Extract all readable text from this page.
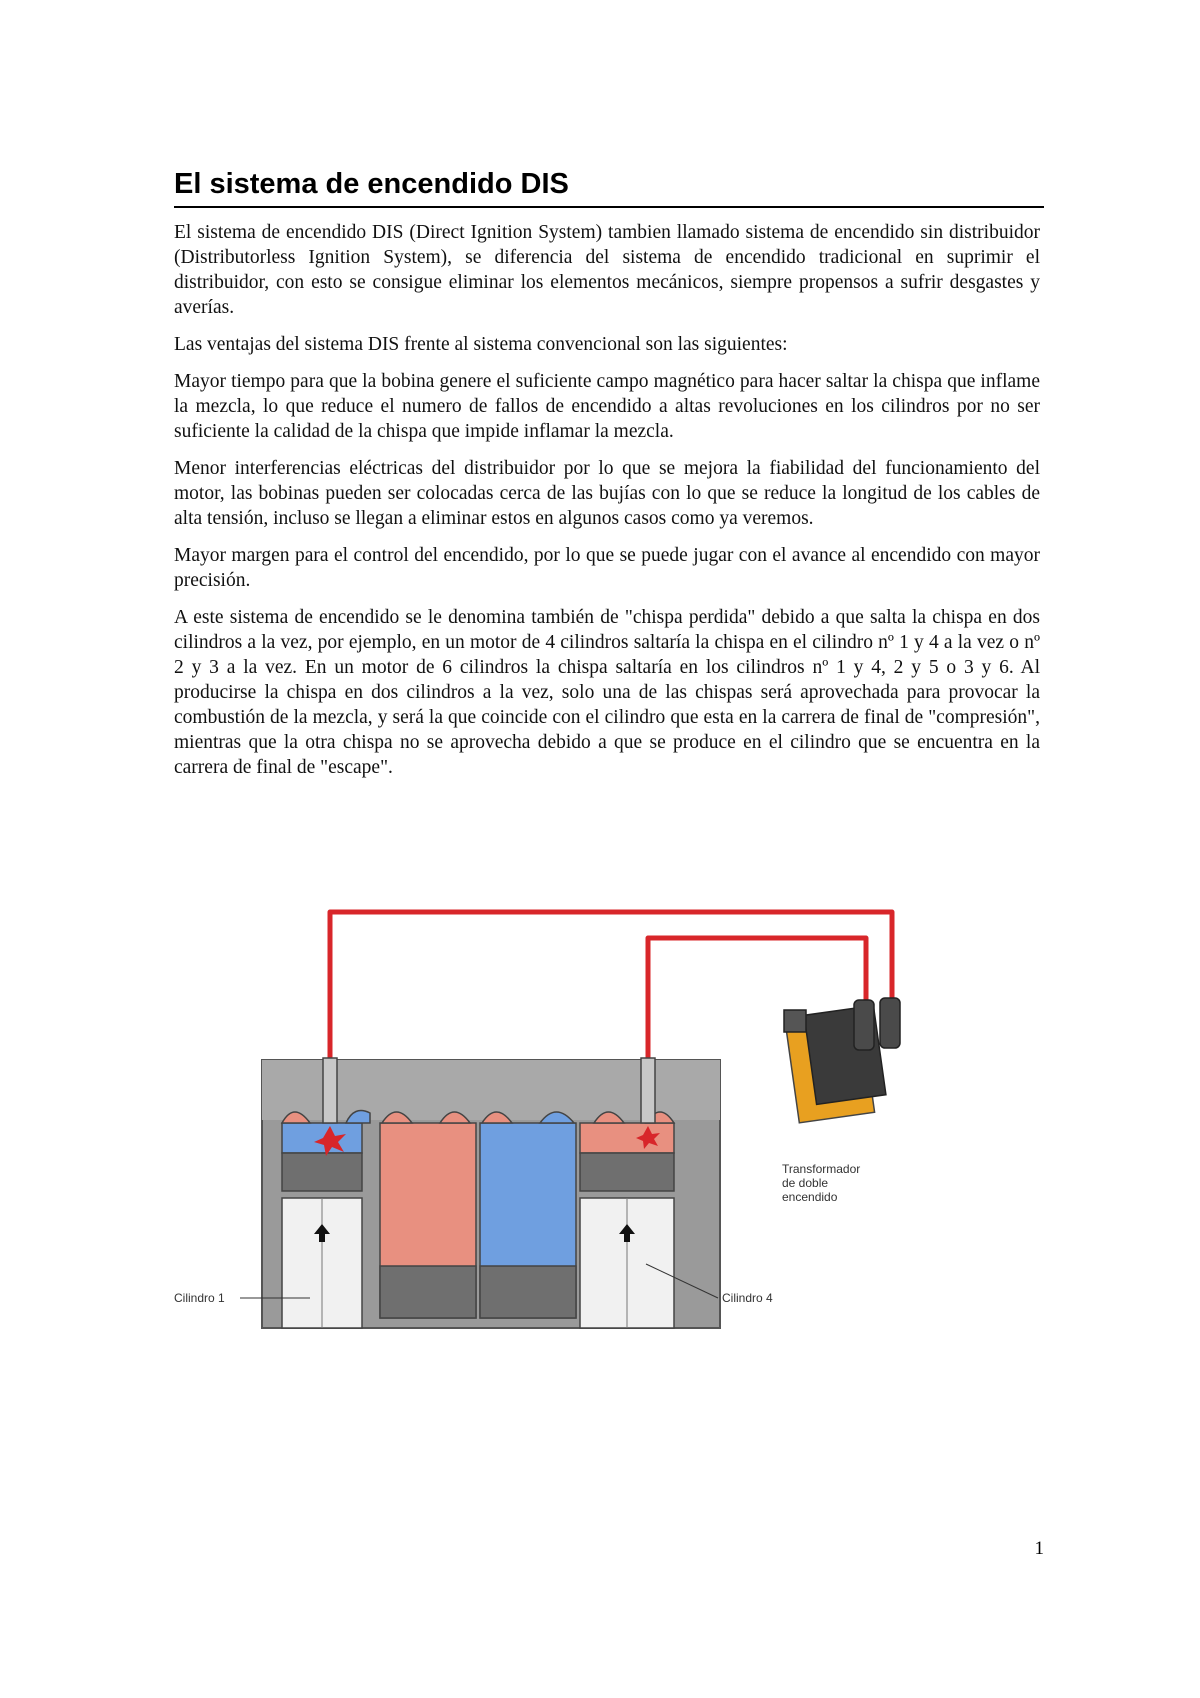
El sistema de encendido DIS

El sistema de encendido DIS (Direct Ignition System) tambien llamado sistema de encendido sin distribuidor (Distributorless Ignition System), se diferencia del sistema de encendido tradicional en suprimir el distribuidor, con esto se consigue eliminar los elementos mecánicos, siempre propensos a sufrir desgastes y averías.

Las ventajas del sistema DIS frente al sistema convencional son las siguientes:

Mayor tiempo para que la bobina genere el suficiente campo magnético para hacer saltar la chispa que inflame la mezcla, lo que reduce el numero de fallos de encendido a altas revoluciones en los cilindros por no ser suficiente la calidad de la chispa que impide inflamar la mezcla.

Menor interferencias eléctricas del distribuidor por lo que se mejora la fiabilidad del funcionamiento del motor, las bobinas pueden ser colocadas cerca de las bujías con lo que se reduce la longitud de los cables de alta tensión, incluso se llegan a eliminar estos en algunos casos como ya veremos.

Mayor margen para el control del encendido, por lo que se puede jugar con el avance al encendido con mayor precisión.

A este sistema de encendido se le denomina también de "chispa perdida" debido a que salta la chispa en dos cilindros a la vez, por ejemplo, en un motor de 4 cilindros saltaría la chispa en el cilindro nº 1 y 4 a la vez o nº 2 y 3 a la vez. En un motor de 6 cilindros la chispa saltaría en los cilindros nº 1 y 4, 2 y 5 o 3 y 6. Al producirse la chispa en dos cilindros a la vez, solo una de las chispas será aprovechada para provocar la combustión de la mezcla, y será la que coincide con el cilindro que esta en la carrera de final de "compresión", mientras que la otra chispa no se aprovecha debido a que se produce en el cilindro que se encuentra en la carrera de final de "escape".

Transformador
de doble
encendido
Cilindro 1	Cilindro 4
1
